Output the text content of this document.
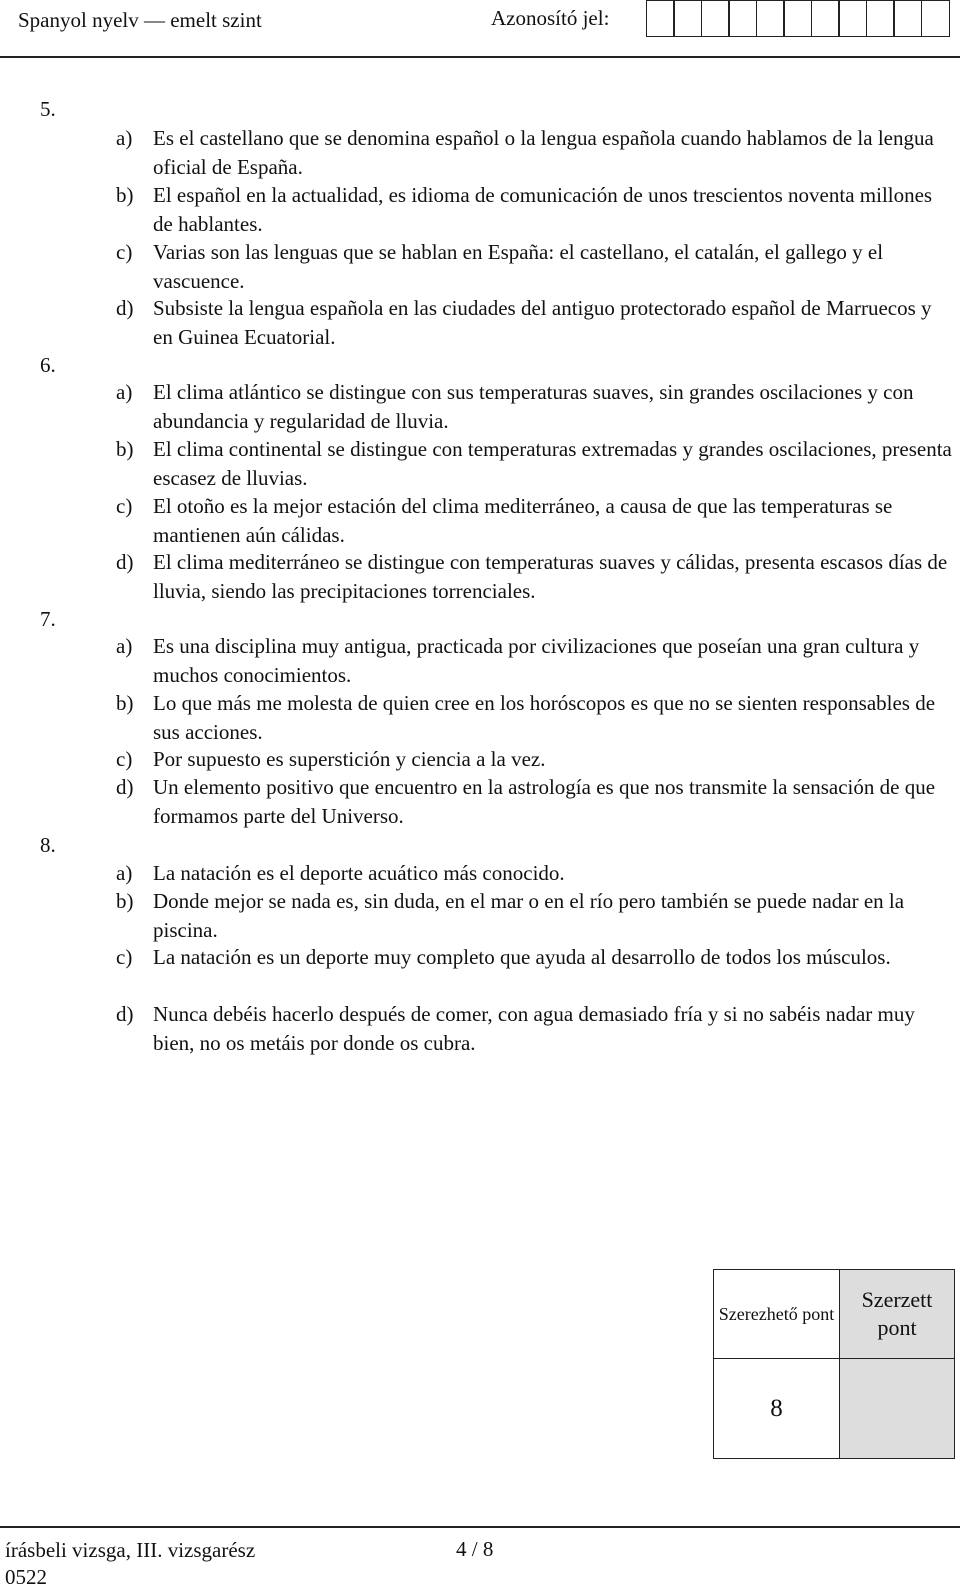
Spanyol nyelv — emelt szint	Azonosító jel:
5.
a) Es el castellano que se denomina español o la lengua española cuando hablamos de la lengua oficial de España.
b) El español en la actualidad, es idioma de comunicación de unos trescientos noventa millones de hablantes.
c) Varias son las lenguas que se hablan en España: el castellano, el catalán, el gallego y el vascuence.
d) Subsiste la lengua española en las ciudades del antiguo protectorado español de Marruecos y en Guinea Ecuatorial.
6.
a) El clima atlántico se distingue con sus temperaturas suaves, sin grandes oscilaciones y con abundancia y regularidad de lluvia.
b) El clima continental se distingue con temperaturas extremadas y grandes oscilaciones, presenta escasez de lluvias.
c) El otoño es la mejor estación del clima mediterráneo, a causa de que las temperaturas se mantienen aún cálidas.
d) El clima mediterráneo se distingue con temperaturas suaves y cálidas, presenta escasos días de lluvia, siendo las precipitaciones torrenciales.
7.
a) Es una disciplina muy antigua, practicada por civilizaciones que poseían una gran cultura y muchos conocimientos.
b) Lo que más me molesta de quien cree en los horóscopos es que no se sienten responsables de sus acciones.
c) Por supuesto es superstición y ciencia a la vez.
d) Un elemento positivo que encuentro en la astrología es que nos transmite la sensación de que formamos parte del Universo.
8.
a) La natación es el deporte acuático más conocido.
b) Donde mejor se nada es, sin duda, en el mar o en el río pero también se puede nadar en la piscina.
c) La natación es un deporte muy completo que ayuda al desarrollo de todos los músculos.
d) Nunca debéis hacerlo después de comer, con agua demasiado fría y si no sabéis nadar muy bien, no os metáis por donde os cubra.
Szerezhető pont	Szerzett pont
8	
írásbeli vizsga, III. vizsgarész
0522
4 / 8
